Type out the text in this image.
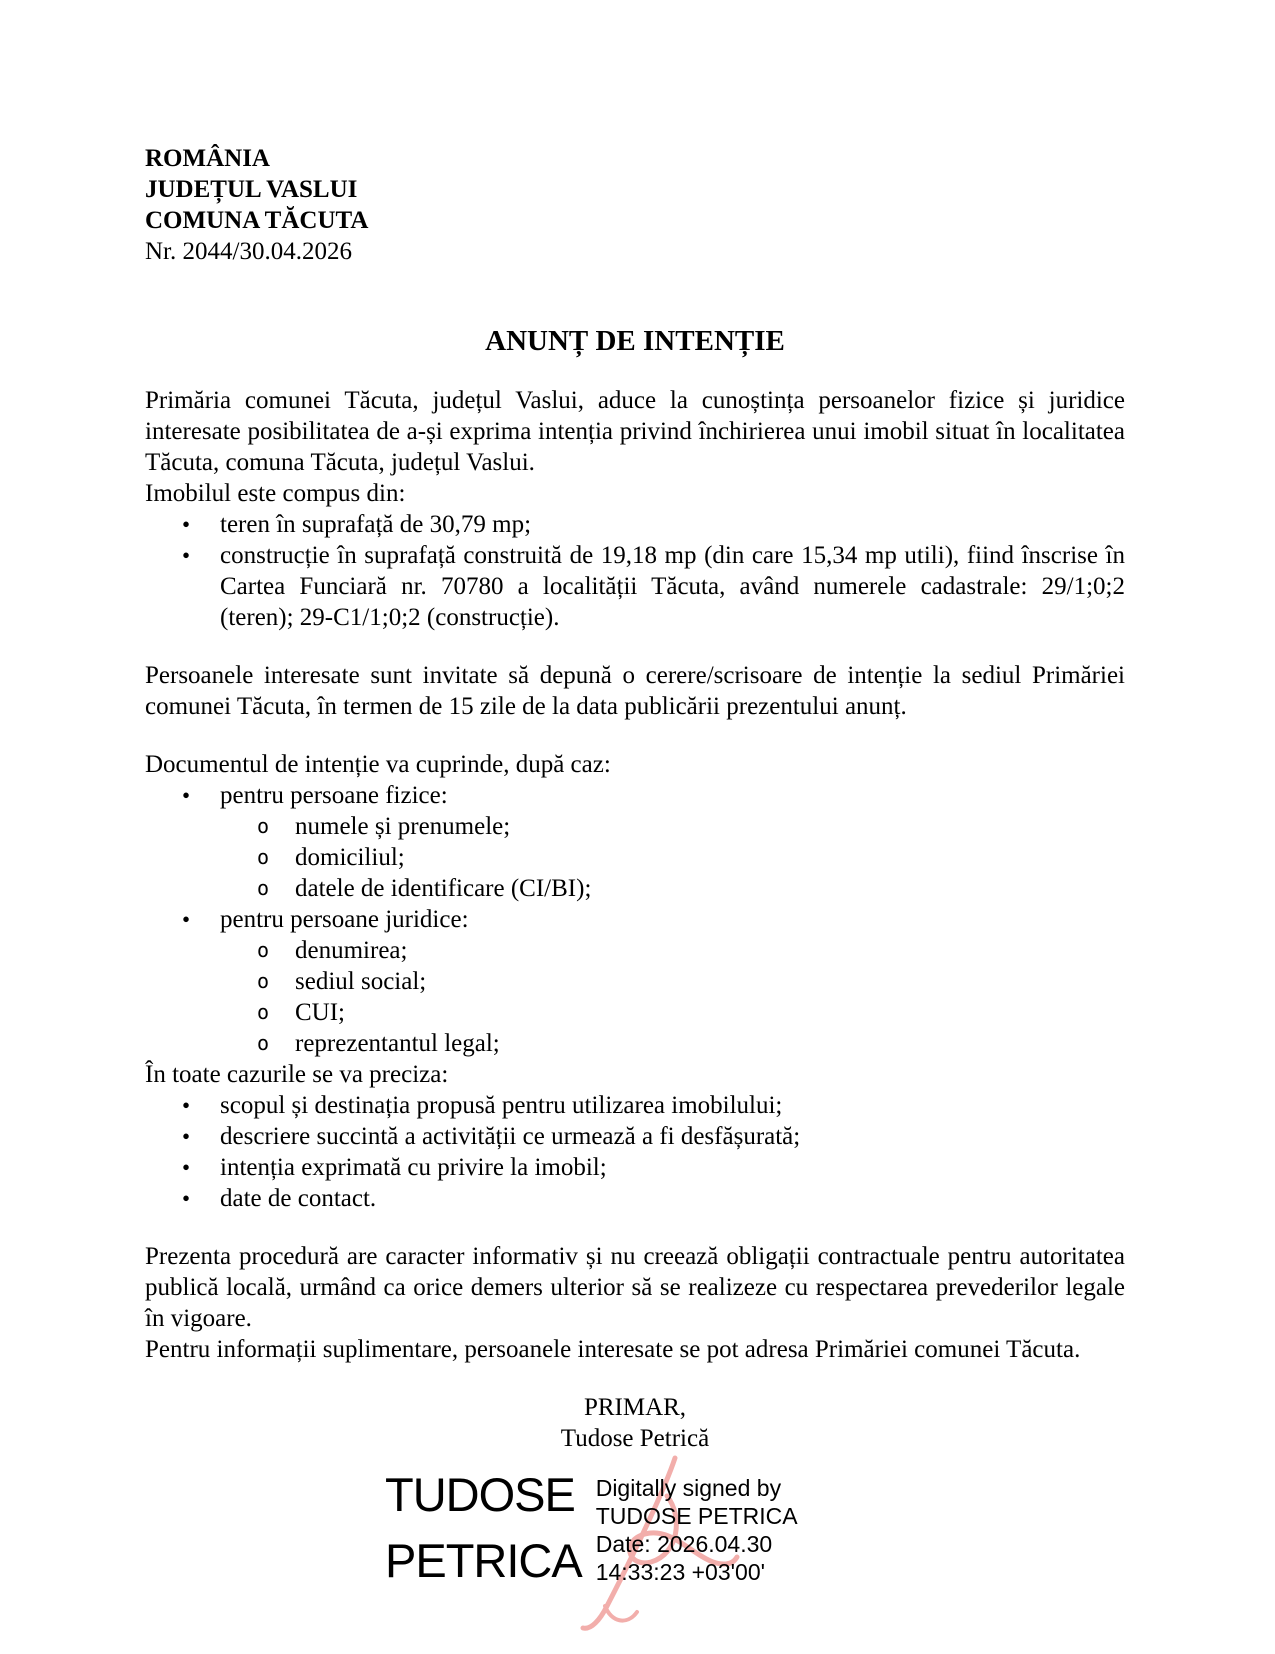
ROMÂNIA
JUDEȚUL VASLUI
COMUNA TĂCUTA
Nr. 2044/30.04.2026
ANUNȚ DE INTENȚIE
Primăria comunei Tăcuta, județul Vaslui, aduce la cunoștința persoanelor fizice și juridice interesate posibilitatea de a-și exprima intenția privind închirierea unui imobil situat în localitatea Tăcuta, comuna Tăcuta, județul Vaslui.
Imobilul este compus din:
•	teren în suprafață de 30,79 mp;
•	construcție în suprafață construită de 19,18 mp (din care 15,34 mp utili), fiind înscrise în Cartea Funciară nr. 70780 a localității Tăcuta, având numerele cadastrale: 29/1;0;2 (teren); 29-C1/1;0;2 (construcție).
Persoanele interesate sunt invitate să depună o cerere/scrisoare de intenție la sediul Primăriei comunei Tăcuta, în termen de 15 zile de la data publicării prezentului anunț.
Documentul de intenție va cuprinde, după caz:
•	pentru persoane fizice:
o	numele și prenumele;
o	domiciliul;
o	datele de identificare (CI/BI);
•	pentru persoane juridice:
o	denumirea;
o	sediul social;
o	CUI;
o	reprezentantul legal;
În toate cazurile se va preciza:
•	scopul și destinația propusă pentru utilizarea imobilului;
•	descriere succintă a activității ce urmează a fi desfășurată;
•	intenția exprimată cu privire la imobil;
•	date de contact.
Prezenta procedură are caracter informativ și nu creează obligații contractuale pentru autoritatea publică locală, urmând ca orice demers ulterior să se realizeze cu respectarea prevederilor legale în vigoare.
Pentru informații suplimentare, persoanele interesate se pot adresa Primăriei comunei Tăcuta.
PRIMAR,
Tudose Petrică
TUDOSE
PETRICA
Digitally signed by
TUDOSE PETRICA
Date: 2026.04.30
14:33:23 +03'00'
